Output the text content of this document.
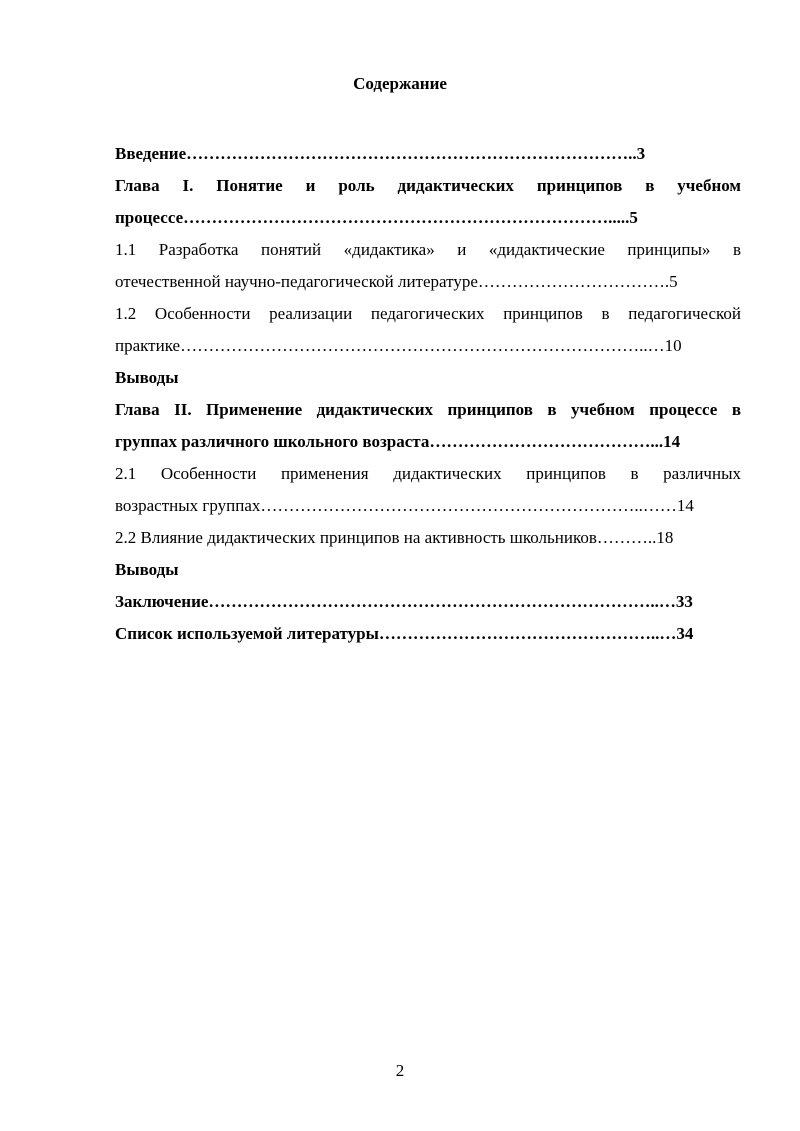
Содержание
Введение……………………………………………………………………..3
Глава I. Понятие и роль дидактических принципов в учебном
процессе………………………………………………………………….....5
1.1 Разработка понятий «дидактика» и «дидактические принципы» в
отечественной научно-педагогической литературе…………………………….5
1.2 Особенности реализации педагогических принципов в педагогической
практике………………………………………………………………………..…10
Выводы
Глава II. Применение дидактических принципов в учебном процессе в
группах различного школьного возраста…………………………………...14
2.1 Особенности применения дидактических принципов в различных
возрастных группах…………………………………………………………..……14
2.2 Влияние дидактических принципов на активность школьников………..18
Выводы
Заключение……………………………………………………………………..…33
Список используемой литературы…………………………………………..…34
2
